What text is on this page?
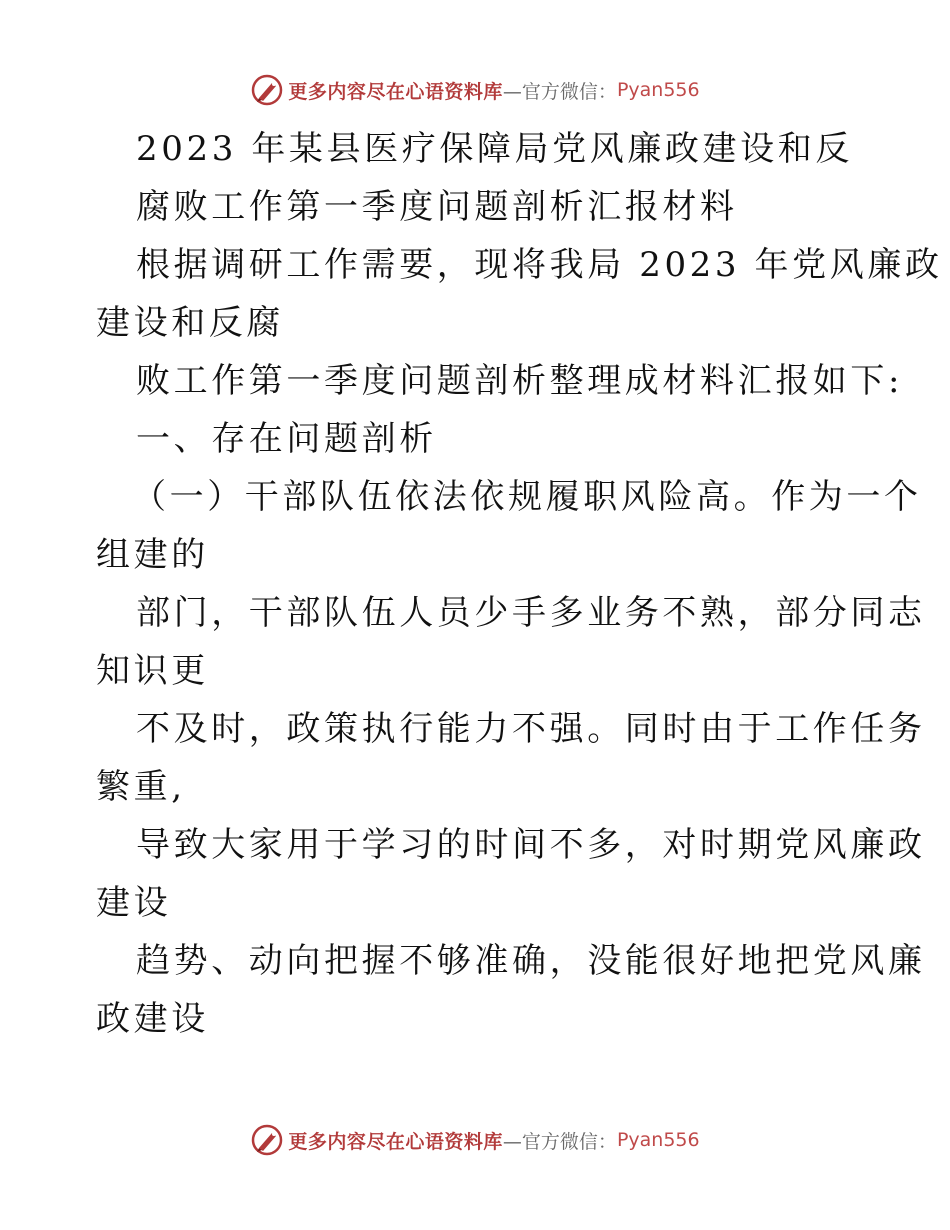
更多内容尽在心语资料库 — 官方微信： Pyan556
2023 年某县医疗保障局党风廉政建设和反
腐败工作第一季度问题剖析汇报材料
根据调研工作需要，现将我局 2023 年党风廉政
建设和反腐
败工作第一季度问题剖析整理成材料汇报如下:
一、存在问题剖析
（一）干部队伍依法依规履职风险高。作为一个
组建的
部门，干部队伍人员少手多业务不熟，部分同志
知识更
不及时，政策执行能力不强。同时由于工作任务
繁重,
导致大家用于学习的时间不多，对时期党风廉政
建设
趋势、动向把握不够准确，没能很好地把党风廉
政建设
更多内容尽在心语资料库 — 官方微信： Pyan556
